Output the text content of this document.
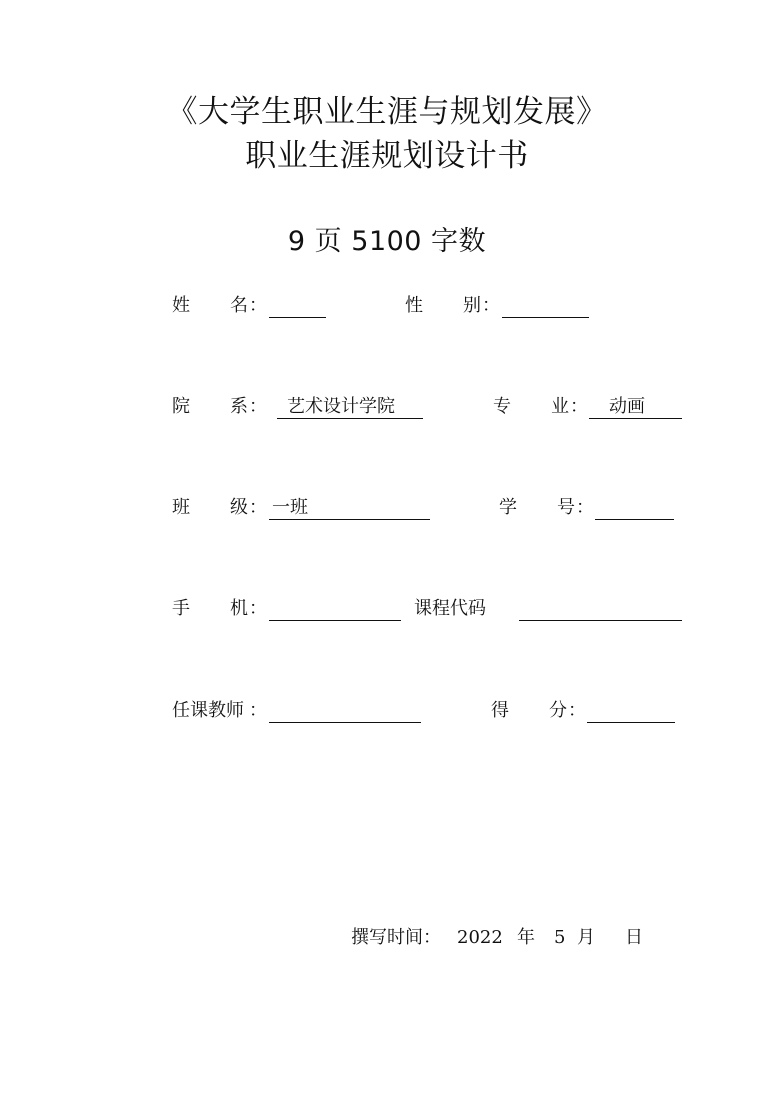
《大学生职业生涯与规划发展》
职业生涯规划设计书
9 页 5100 字数
姓 名 ：	性 别 ：
院 系 ： 艺术设计学院	专 业 ： 动画
班 级 ： 一班	学 号 ：
手 机 ：	课程代码
任课教师 ：	得 分 ：
撰写时间： 2022 年 5 月 日
